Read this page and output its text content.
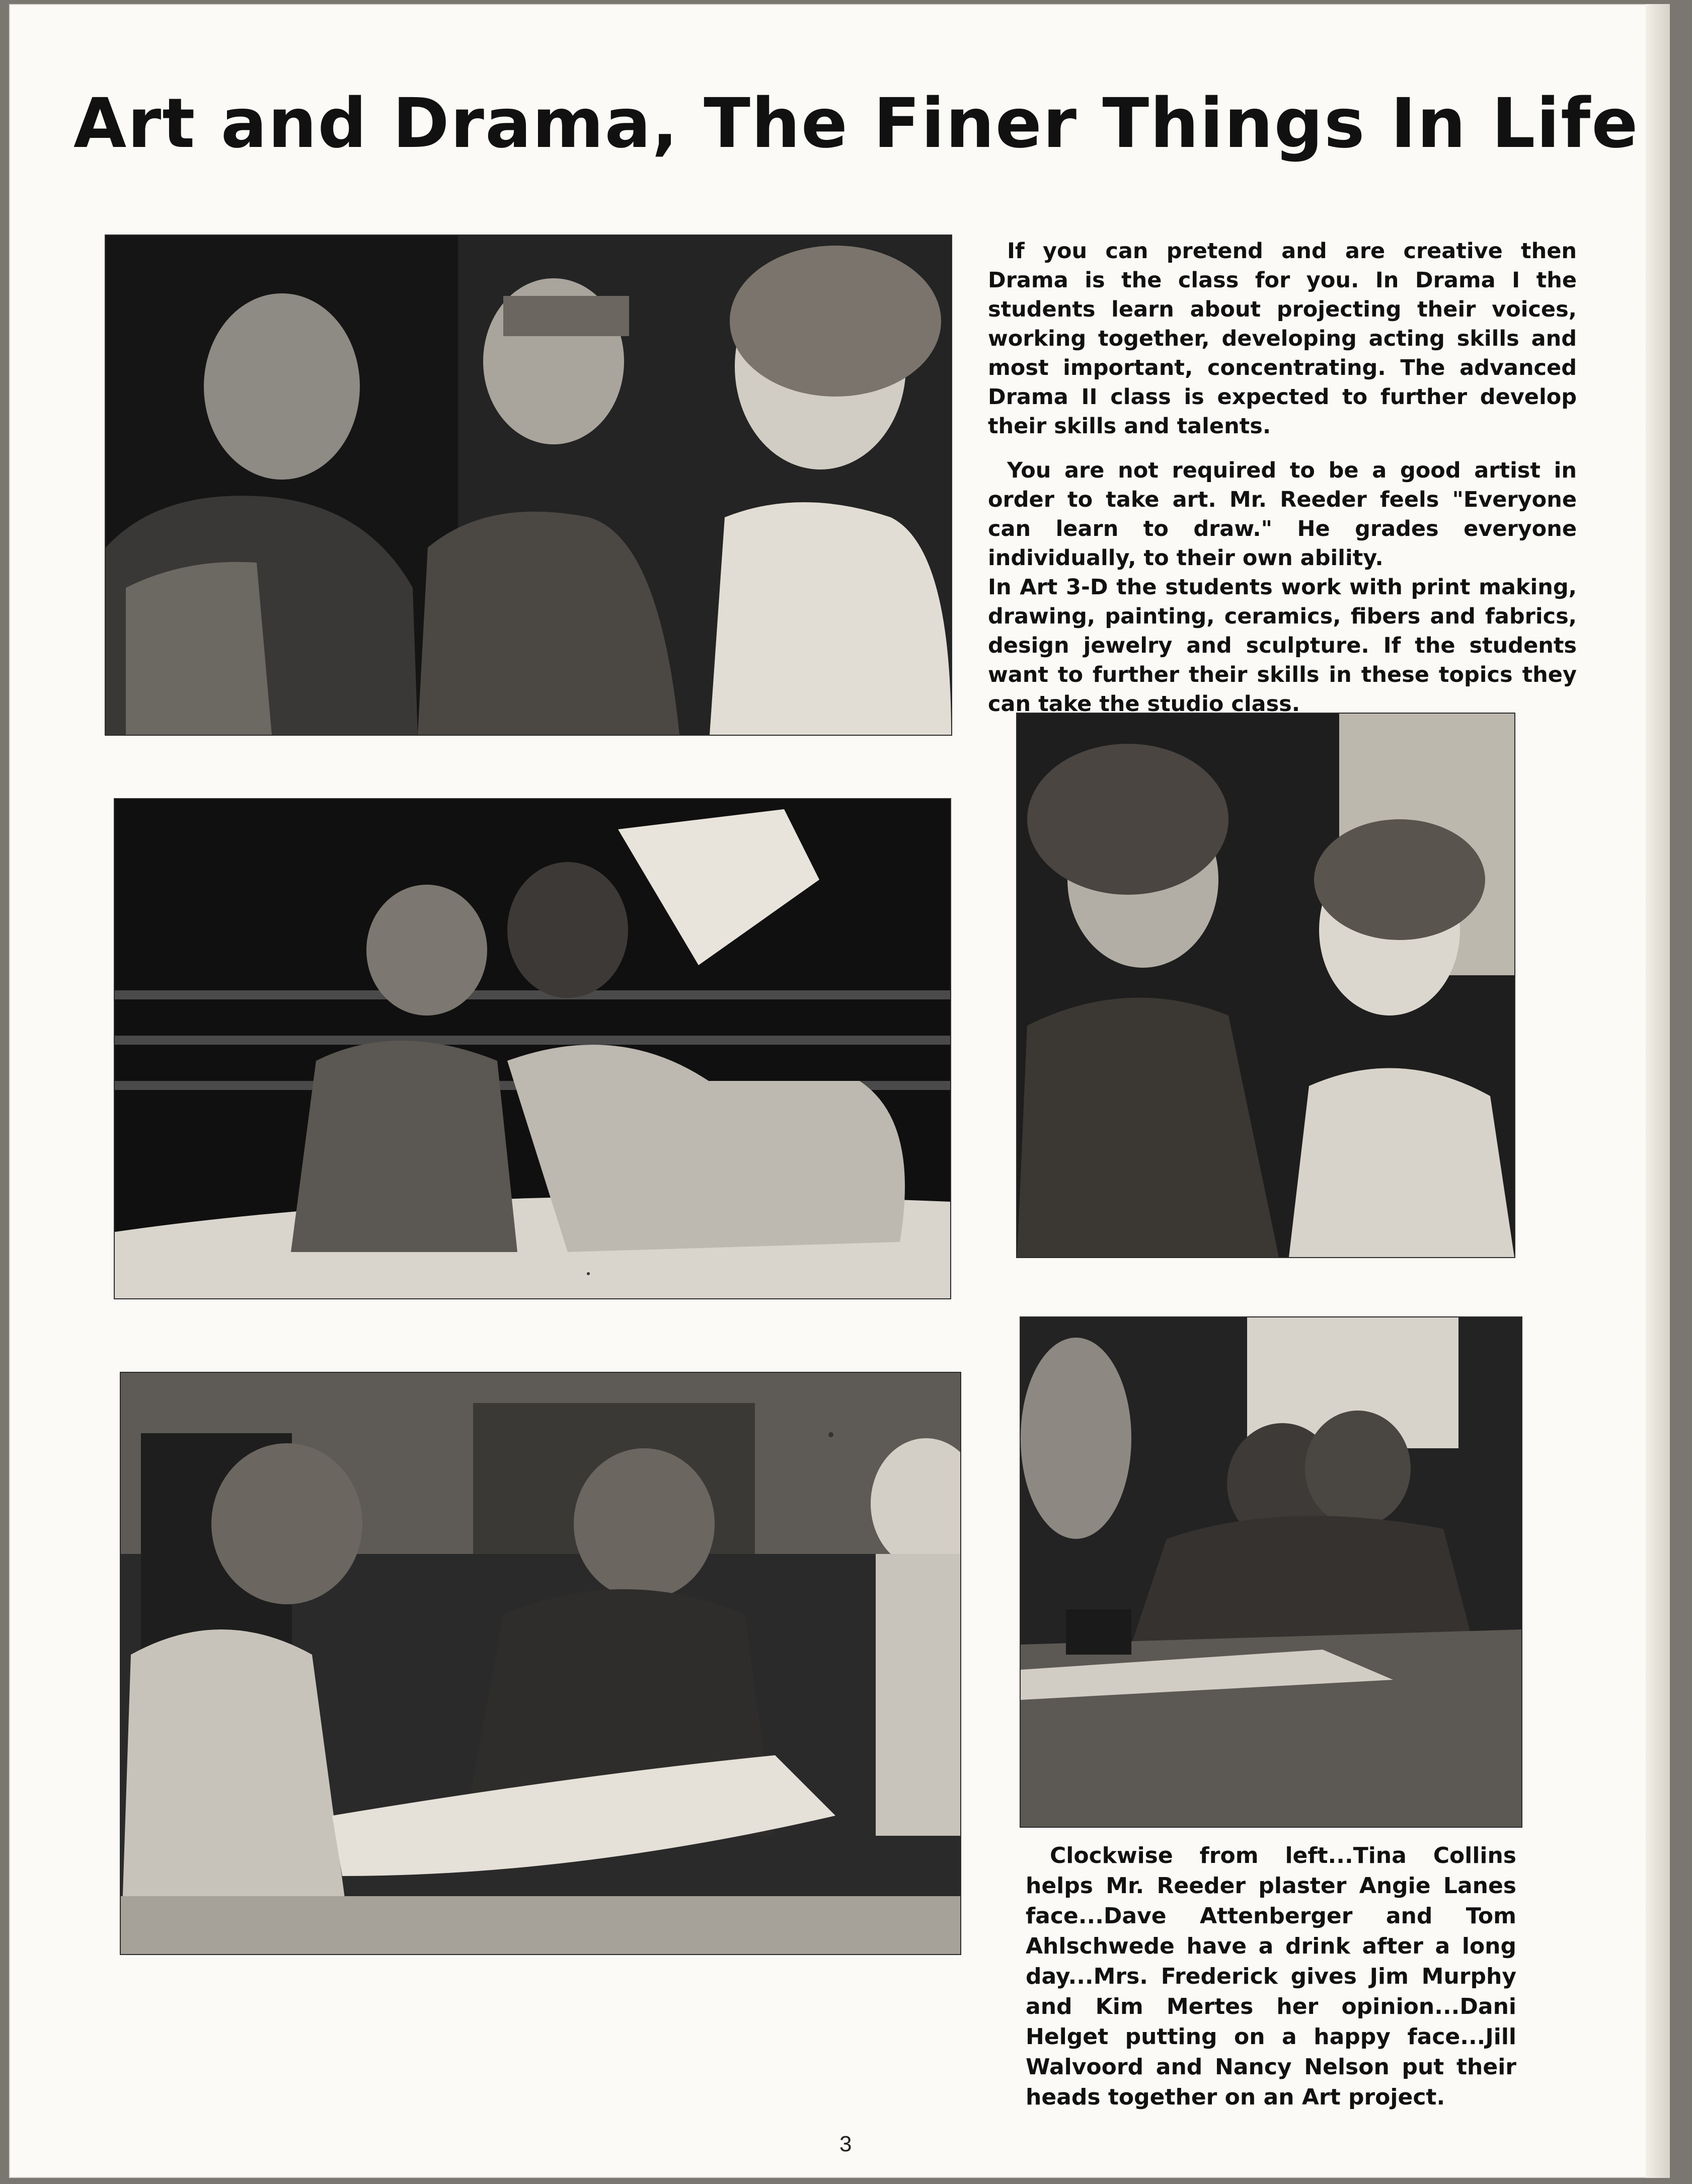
Art and Drama, The Finer Things In Life

If you can pretend and are creative then Drama is the class for you. In Drama I the students learn about projecting their voices, working together, developing acting skills and most important, concentrating. The advanced Drama II class is expected to further develop their skills and talents.

You are not required to be a good artist in order to take art. Mr. Reeder feels "Everyone can learn to draw." He grades everyone individually, to their own ability.

In Art 3-D the students work with print making, drawing, painting, ceramics, fibers and fabrics, design jewelry and sculpture. If the students want to further their skills in these topics they can take the studio class.

Clockwise from left...Tina Collins helps Mr. Reeder plaster Angie Lanes face...Dave Attenberger and Tom Ahlschwede have a drink after a long day...Mrs. Frederick gives Jim Murphy and Kim Mertes her opinion...Dani Helget putting on a happy face...Jill Walvoord and Nancy Nelson put their heads together on an Art project.

3
